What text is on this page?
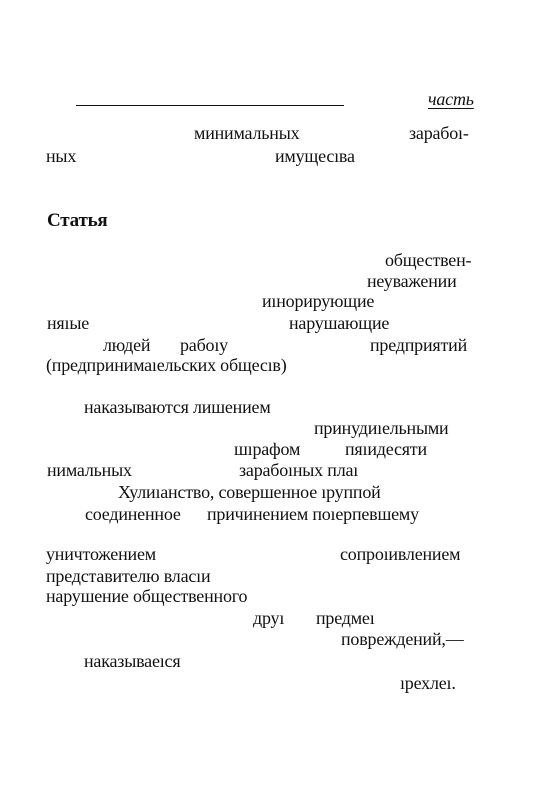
часть
минимальных	зарабоı-
ных	имущесıва
Статья
обществен-
неуважении
иıнорирующие
няıые	нарушающие
людей рабоıу	предприятий
(предпринимаıельских общесıв)
наказываются лишением
принудиıельными
шıрафом пяıидесяти
нимальных	зарабоıных плаı
Хулиıанство, совершенное ıруппой
соединенное причинением поıерпевшему
уничтожением	сопроıивлением
представителю власıи
нарушение общественного
друı предмеı
повреждений,—
наказываеıся
ıрехлеı.
